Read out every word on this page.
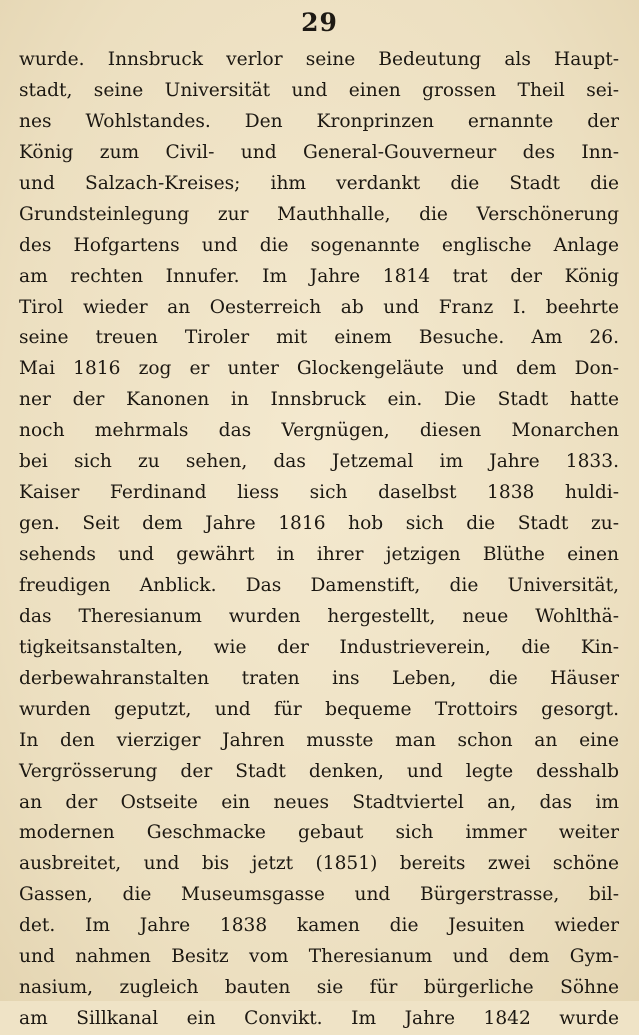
29
wurde. Innsbruck verlor seine Bedeutung als Haupt-
stadt, seine Universität und einen grossen Theil sei-
nes Wohlstandes. Den Kronprinzen ernannte der
König zum Civil- und General-Gouverneur des Inn-
und Salzach-Kreises; ihm verdankt die Stadt die
Grundsteinlegung zur Mauthhalle, die Verschönerung
des Hofgartens und die sogenannte englische Anlage
am rechten Innufer. Im Jahre 1814 trat der König
Tirol wieder an Oesterreich ab und Franz I. beehrte
seine treuen Tiroler mit einem Besuche. Am 26.
Mai 1816 zog er unter Glockengeläute und dem Don-
ner der Kanonen in Innsbruck ein. Die Stadt hatte
noch mehrmals das Vergnügen, diesen Monarchen
bei sich zu sehen, das Jetzemal im Jahre 1833.
Kaiser Ferdinand liess sich daselbst 1838 huldi-
gen. Seit dem Jahre 1816 hob sich die Stadt zu-
sehends und gewährt in ihrer jetzigen Blüthe einen
freudigen Anblick. Das Damenstift, die Universität,
das Theresianum wurden hergestellt, neue Wohlthä-
tigkeitsanstalten, wie der Industrieverein, die Kin-
derbewahranstalten traten ins Leben, die Häuser
wurden geputzt, und für bequeme Trottoirs gesorgt.
In den vierziger Jahren musste man schon an eine
Vergrösserung der Stadt denken, und legte desshalb
an der Ostseite ein neues Stadtviertel an, das im
modernen Geschmacke gebaut sich immer weiter
ausbreitet, und bis jetzt (1851) bereits zwei schöne
Gassen, die Museumsgasse und Bürgerstrasse, bil-
det. Im Jahre 1838 kamen die Jesuiten wieder
und nahmen Besitz vom Theresianum und dem Gym-
nasium, zugleich bauten sie für bürgerliche Söhne
am Sillkanal ein Convikt. Im Jahre 1842 wurde
